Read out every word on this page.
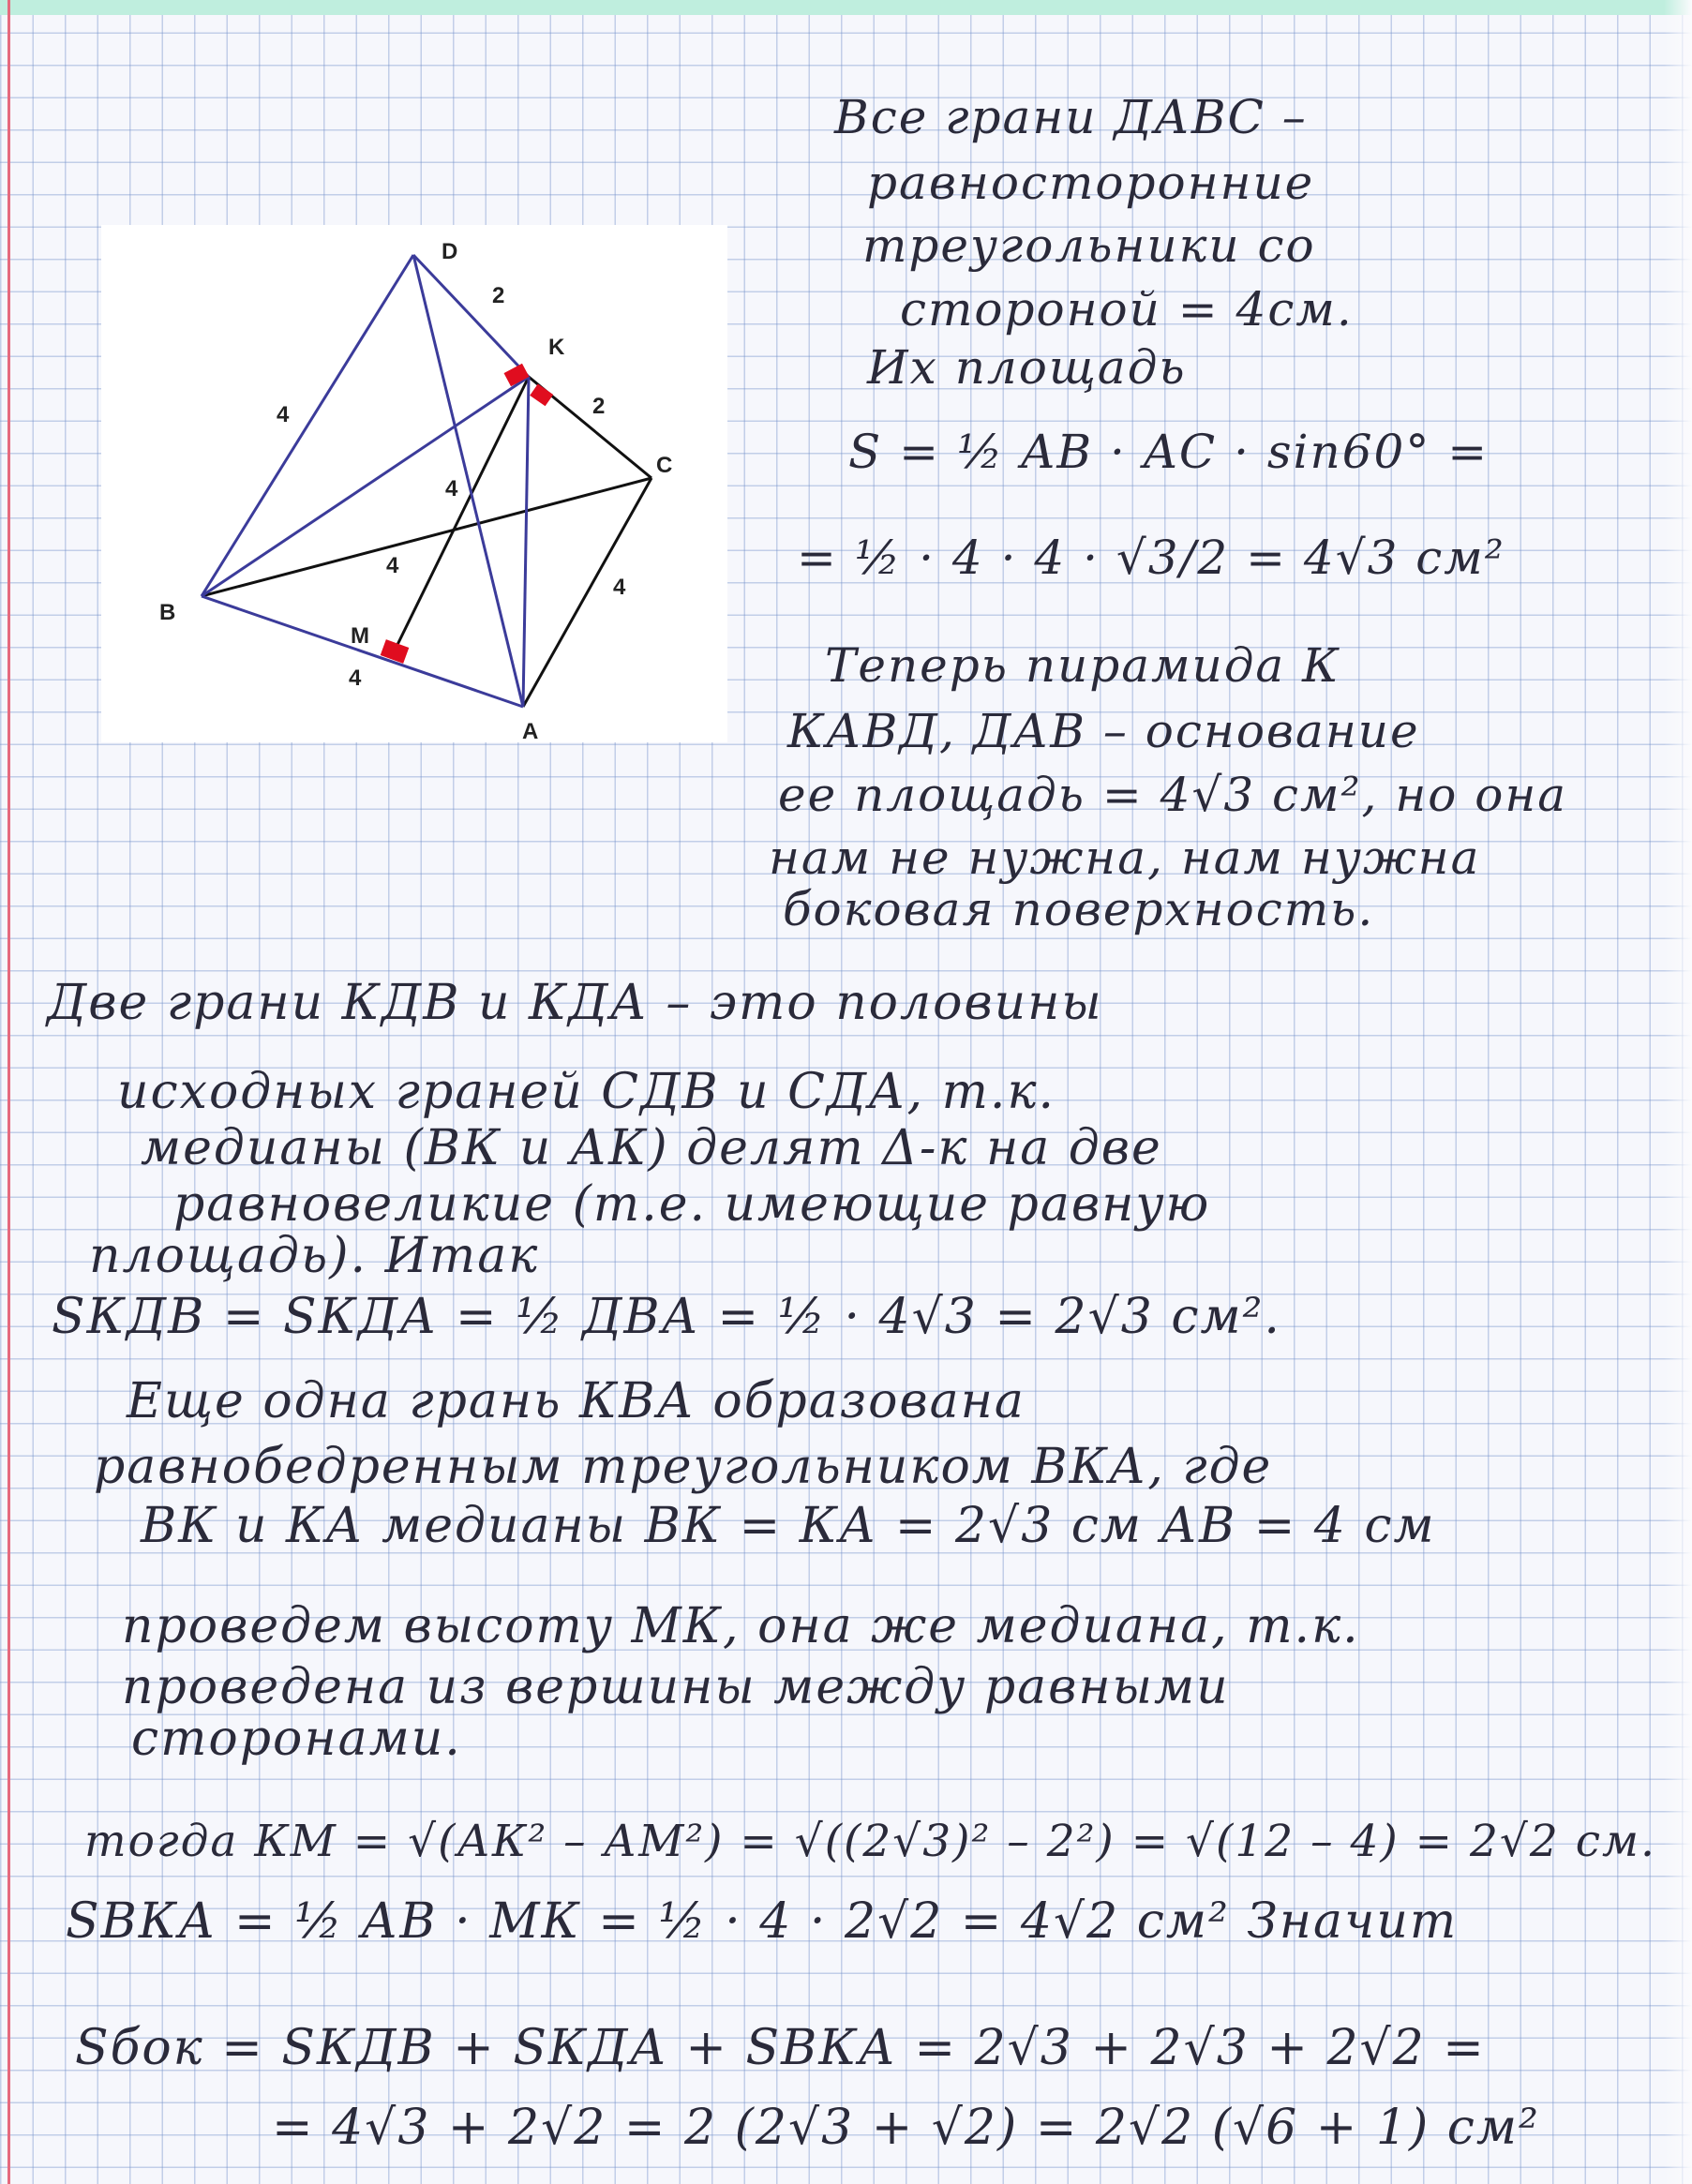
D
K
C
B
M
A
2
2
4
4
4
4
4
Все грани ДАВС –
равносторонние
треугольники со
стороной = 4см.
Их площадь
S = ½ AB · AC · sin60° =
= ½ · 4 · 4 · √3/2 = 4√3 см²
Теперь пирамида К
КАВД, ДАВ – основание
ее площадь = 4√3 см², но она
нам не нужна, нам нужна
боковая поверхность.
Две грани КДВ и КДА – это половины
исходных граней СДВ и СДА, т.к.
медианы (ВК и АК) делят Δ-к на две
равновеликие (т.е. имеющие равную
площадь). Итак
SКДВ = SКДА = ½ ДВА = ½ · 4√3 = 2√3 см².
Еще одна грань КВА образована
равнобедренным треугольником ВКА, где
ВК и КА медианы ВК = КА = 2√3 см АВ = 4 см
проведем высоту МК, она же медиана, т.к.
проведена из вершины между равными
сторонами.
тогда КМ = √(АК² – АМ²) = √((2√3)² – 2²) = √(12 – 4) = 2√2 см.
SВКА = ½ АВ · МК = ½ · 4 · 2√2 = 4√2 см² Значит
Sбок = SКДВ + SКДА + SВКА = 2√3 + 2√3 + 2√2 =
= 4√3 + 2√2 = 2 (2√3 + √2) = 2√2 (√6 + 1) см²
